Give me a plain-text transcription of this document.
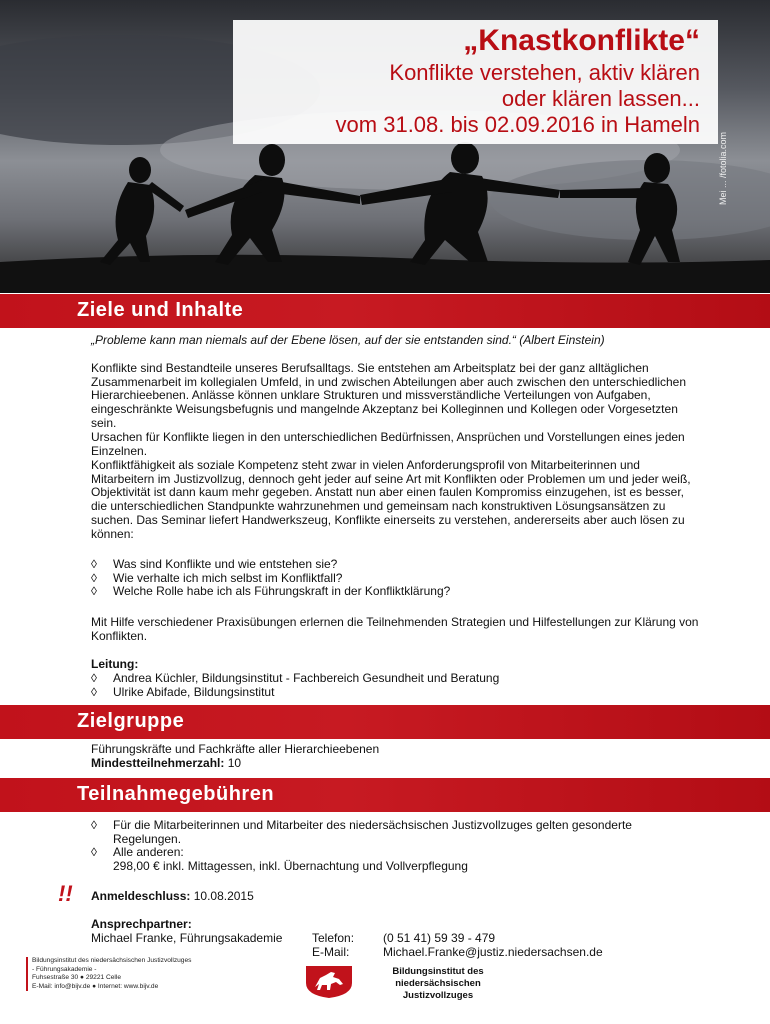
„Knastkonflikte“
Konflikte verstehen, aktiv klären
oder klären lassen...
vom 31.08. bis 02.09.2016 in Hameln
Mei ... /fotolia.com
Ziele und Inhalte
„Probleme kann man niemals auf der Ebene lösen, auf der sie entstanden sind.“ (Albert Einstein)
Konflikte sind Bestandteile unseres Berufsalltags. Sie entstehen am Arbeitsplatz bei der ganz alltäglichen Zusammenarbeit im kollegialen Umfeld, in und zwischen Abteilungen aber auch zwischen den unterschiedlichen Hierarchieebenen. Anlässe können unklare Strukturen und missverständliche Verteilungen von Aufgaben, eingeschränkte Weisungsbefugnis und mangelnde Akzeptanz bei Kolleginnen und Kollegen oder Vorgesetzten sein.
Ursachen für Konflikte liegen in den unterschiedlichen Bedürfnissen, Ansprüchen und Vorstellungen eines jeden Einzelnen.
Konfliktfähigkeit als soziale Kompetenz steht zwar in vielen Anforderungsprofil von Mitarbeiterinnen und Mitarbeitern im Justizvollzug, dennoch geht jeder auf seine Art mit Konflikten oder Problemen um und jeder weiß, Objektivität ist dann kaum mehr gegeben. Anstatt nun aber einen faulen Kompromiss einzugehen, ist es besser, die unterschiedlichen Standpunkte wahrzunehmen und gemeinsam nach konstruktiven Lösungsansätzen zu suchen. Das Seminar liefert Handwerkszeug, Konflikte einerseits zu verstehen, andererseits aber auch lösen zu können:
◊ Was sind Konflikte und wie entstehen sie?
◊ Wie verhalte ich mich selbst im Konfliktfall?
◊ Welche Rolle habe ich als Führungskraft in der Konfliktklärung?
Mit Hilfe verschiedener Praxisübungen erlernen die Teilnehmenden Strategien und Hilfestellungen zur Klärung von Konflikten.
Leitung:
◊ Andrea Küchler, Bildungsinstitut - Fachbereich Gesundheit und Beratung
◊ Ulrike Abifade, Bildungsinstitut
Zielgruppe
Führungskräfte und Fachkräfte aller Hierarchieebenen
Mindestteilnehmerzahl: 10
Teilnahmegebühren
◊ Für die Mitarbeiterinnen und Mitarbeiter des niedersächsischen Justizvollzuges gelten gesonderte
Regelungen.
◊ Alle anderen:
298,00 € inkl. Mittagessen, inkl. Übernachtung und Vollverpflegung
!! Anmeldeschluss: 10.08.2015
Ansprechpartner:
Michael Franke, Führungsakademie Telefon: (0 51 41) 59 39 - 479
E-Mail:	Michael.Franke@justiz.niedersachsen.de
Bildungsinstitut des niedersächsischen Justizvollzuges
- Führungsakademie -
Fuhsestraße 30 ● 29221 Celle
E-Mail: info@bijv.de ● Internet: www.bijv.de
Bildungsinstitut des
niedersächsischen Justizvollzuges
